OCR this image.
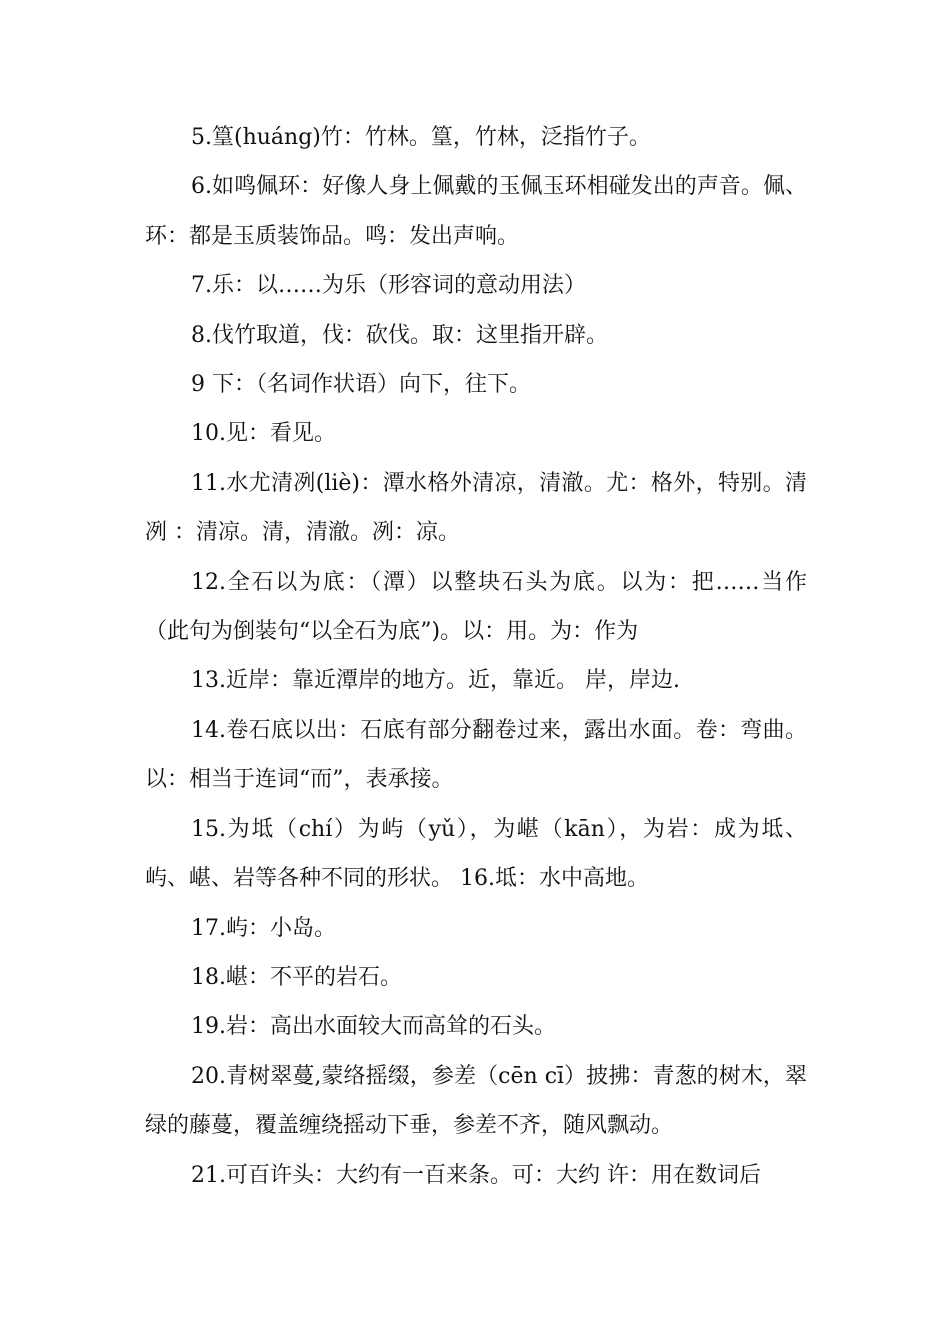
5.篁(huáng)竹：竹林。篁，竹林，泛指竹子。

6.如鸣佩环：好像人身上佩戴的玉佩玉环相碰发出的声音。佩、环：都是玉质装饰品。鸣：发出声响。

7.乐：以……为乐（形容词的意动用法）

8.伐竹取道，伐：砍伐。取：这里指开辟。

9 下：（名词作状语）向下，往下。

10.见：看见。

11.水尤清冽(liè)：潭水格外清凉，清澈。尤：格外，特别。清冽 ：清凉。清，清澈。冽：凉。

12.全石以为底：（潭）以整块石头为底。以为：把……当作（此句为倒装句“以全石为底”)。以：用。为：作为

13.近岸：靠近潭岸的地方。近，靠近。 岸，岸边.

14.卷石底以出：石底有部分翻卷过来，露出水面。卷：弯曲。以：相当于连词“而”，表承接。

15.为坻（chí）为屿（yǔ），为嵁（kān），为岩：成为坻、屿、嵁、岩等各种不同的形状。 16.坻：水中高地。

17.屿：小岛。

18.嵁：不平的岩石。

19.岩：高出水面较大而高耸的石头。

20.青树翠蔓,蒙络摇缀，参差（cēn cī）披拂：青葱的树木，翠绿的藤蔓，覆盖缠绕摇动下垂，参差不齐，随风飘动。

21.可百许头：大约有一百来条。可：大约 许：用在数词后
